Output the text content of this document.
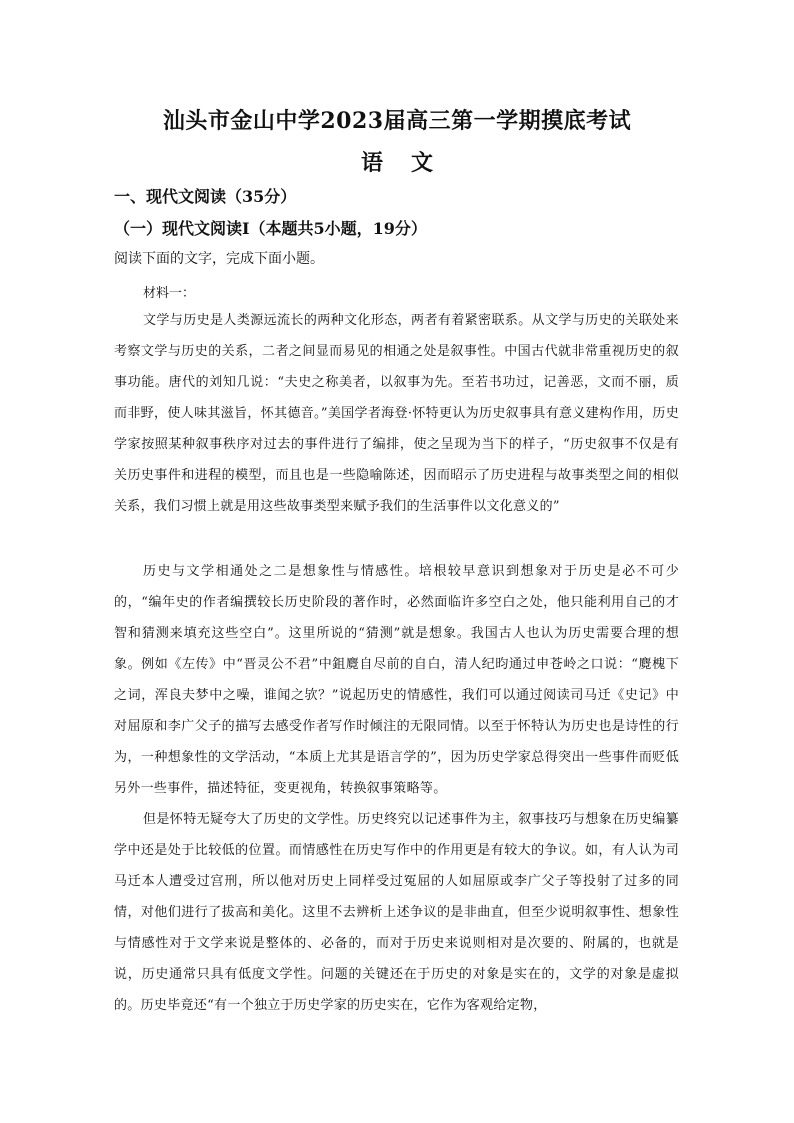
汕头市金山中学2023届高三第一学期摸底考试
语文
一、现代文阅读（35分）
（一）现代文阅读Ⅰ（本题共5小题，19分）
阅读下面的文字，完成下面小题。
材料一：

文学与历史是人类源远流长的两种文化形态，两者有着紧密联系。从文学与历史的关联处来考察文学与历史的关系，二者之间显而易见的相通之处是叙事性。中国古代就非常重视历史的叙事功能。唐代的刘知几说：“夫史之称美者，以叙事为先。至若书功过，记善恶，文而不丽，质而非野，使人味其滋旨，怀其德音。”美国学者海登·怀特更认为历史叙事具有意义建构作用，历史学家按照某种叙事秩序对过去的事件进行了编排，使之呈现为当下的样子，“历史叙事不仅是有关历史事件和进程的模型，而且也是一些隐喻陈述，因而昭示了历史进程与故事类型之间的相似关系，我们习惯上就是用这些故事类型来赋予我们的生活事件以文化意义的”

历史与文学相通处之二是想象性与情感性。培根较早意识到想象对于历史是必不可少的，“编年史的作者编撰较长历史阶段的著作时，必然面临许多空白之处，他只能利用自己的才智和猜测来填充这些空白”。这里所说的“猜测”就是想象。我国古人也认为历史需要合理的想象。例如《左传》中“晋灵公不君”中鉏麑自尽前的自白，清人纪昀通过申苍岭之口说：“麑槐下之词，浑良夫梦中之噪，谁闻之欤？”说起历史的情感性，我们可以通过阅读司马迁《史记》中对屈原和李广父子的描写去感受作者写作时倾注的无限同情。以至于怀特认为历史也是诗性的行为，一种想象性的文学活动，“本质上尤其是语言学的”，因为历史学家总得突出一些事件而贬低另外一些事件，描述特征，变更视角，转换叙事策略等。

但是怀特无疑夸大了历史的文学性。历史终究以记述事件为主，叙事技巧与想象在历史编纂学中还是处于比较低的位置。而情感性在历史写作中的作用更是有较大的争议。如，有人认为司马迁本人遭受过宫刑，所以他对历史上同样受过冤屈的人如屈原或李广父子等投射了过多的同情，对他们进行了拔高和美化。这里不去辨析上述争议的是非曲直，但至少说明叙事性、想象性与情感性对于文学来说是整体的、必备的，而对于历史来说则相对是次要的、附属的，也就是说，历史通常只具有低度文学性。问题的关键还在于历史的对象是实在的，文学的对象是虚拟的。历史毕竟还“有一个独立于历史学家的历史实在，它作为客观给定物，
